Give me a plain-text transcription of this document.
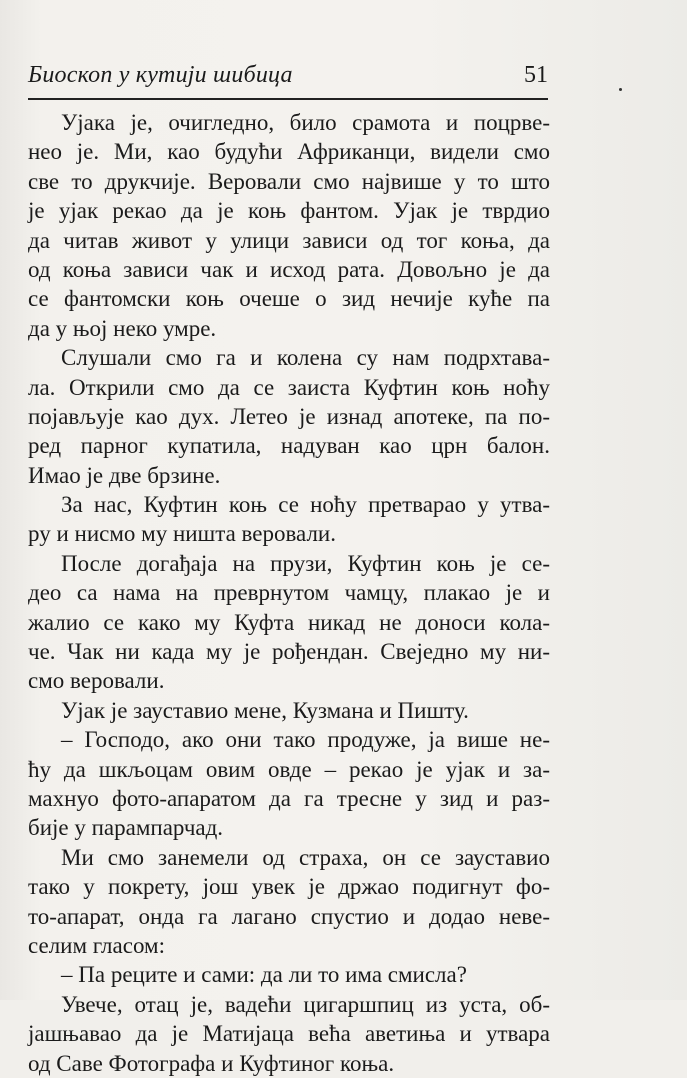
Биоскоп у кутији шибица	51
Ујака је, очигледно, било срамота и поцрве-
нео је. Ми, као будући Африканци, видели смо
све то друкчије. Веровали смо највише у то што
је ујак рекао да је коњ фантом. Ујак је тврдио
да читав живот у улици зависи од тог коња, да
од коња зависи чак и исход рата. Довољно је да
се фантомски коњ очеше о зид нечије куће па
да у њој неко умре.
Слушали смо га и колена су нам подрхтава-
ла. Открили смо да се заиста Куфтин коњ ноћу
појављује као дух. Летео је изнад апотеке, па по-
ред парног купатила, надуван као црн балон.
Имао је две брзине.
За нас, Куфтин коњ се ноћу претварао у утва-
ру и нисмо му ништа веровали.
После догађаја на прузи, Куфтин коњ је се-
део са нама на преврнутом чамцу, плакао је и
жалио се како му Куфта никад не доноси кола-
че. Чак ни када му је рођендан. Свеједно му ни-
смо веровали.
Ујак је зауставио мене, Кузмана и Пишту.
– Господо, ако они тако продуже, ја више не-
ћу да шкљоцам овим овде – рекао је ујак и за-
махнуо фото-апаратом да га тресне у зид и раз-
бије у парампарчад.
Ми смо занемели од страха, он се зауставио
тако у покрету, још увек је држао подигнут фо-
то-апарат, онда га лагано спустио и додао неве-
селим гласом:
– Па реците и сами: да ли то има смисла?
Увече, отац је, вадећи цигаршпиц из уста, об-
јашњавао да је Матијаца већа аветиња и утвара
од Саве Фотографа и Куфтиног коња.
